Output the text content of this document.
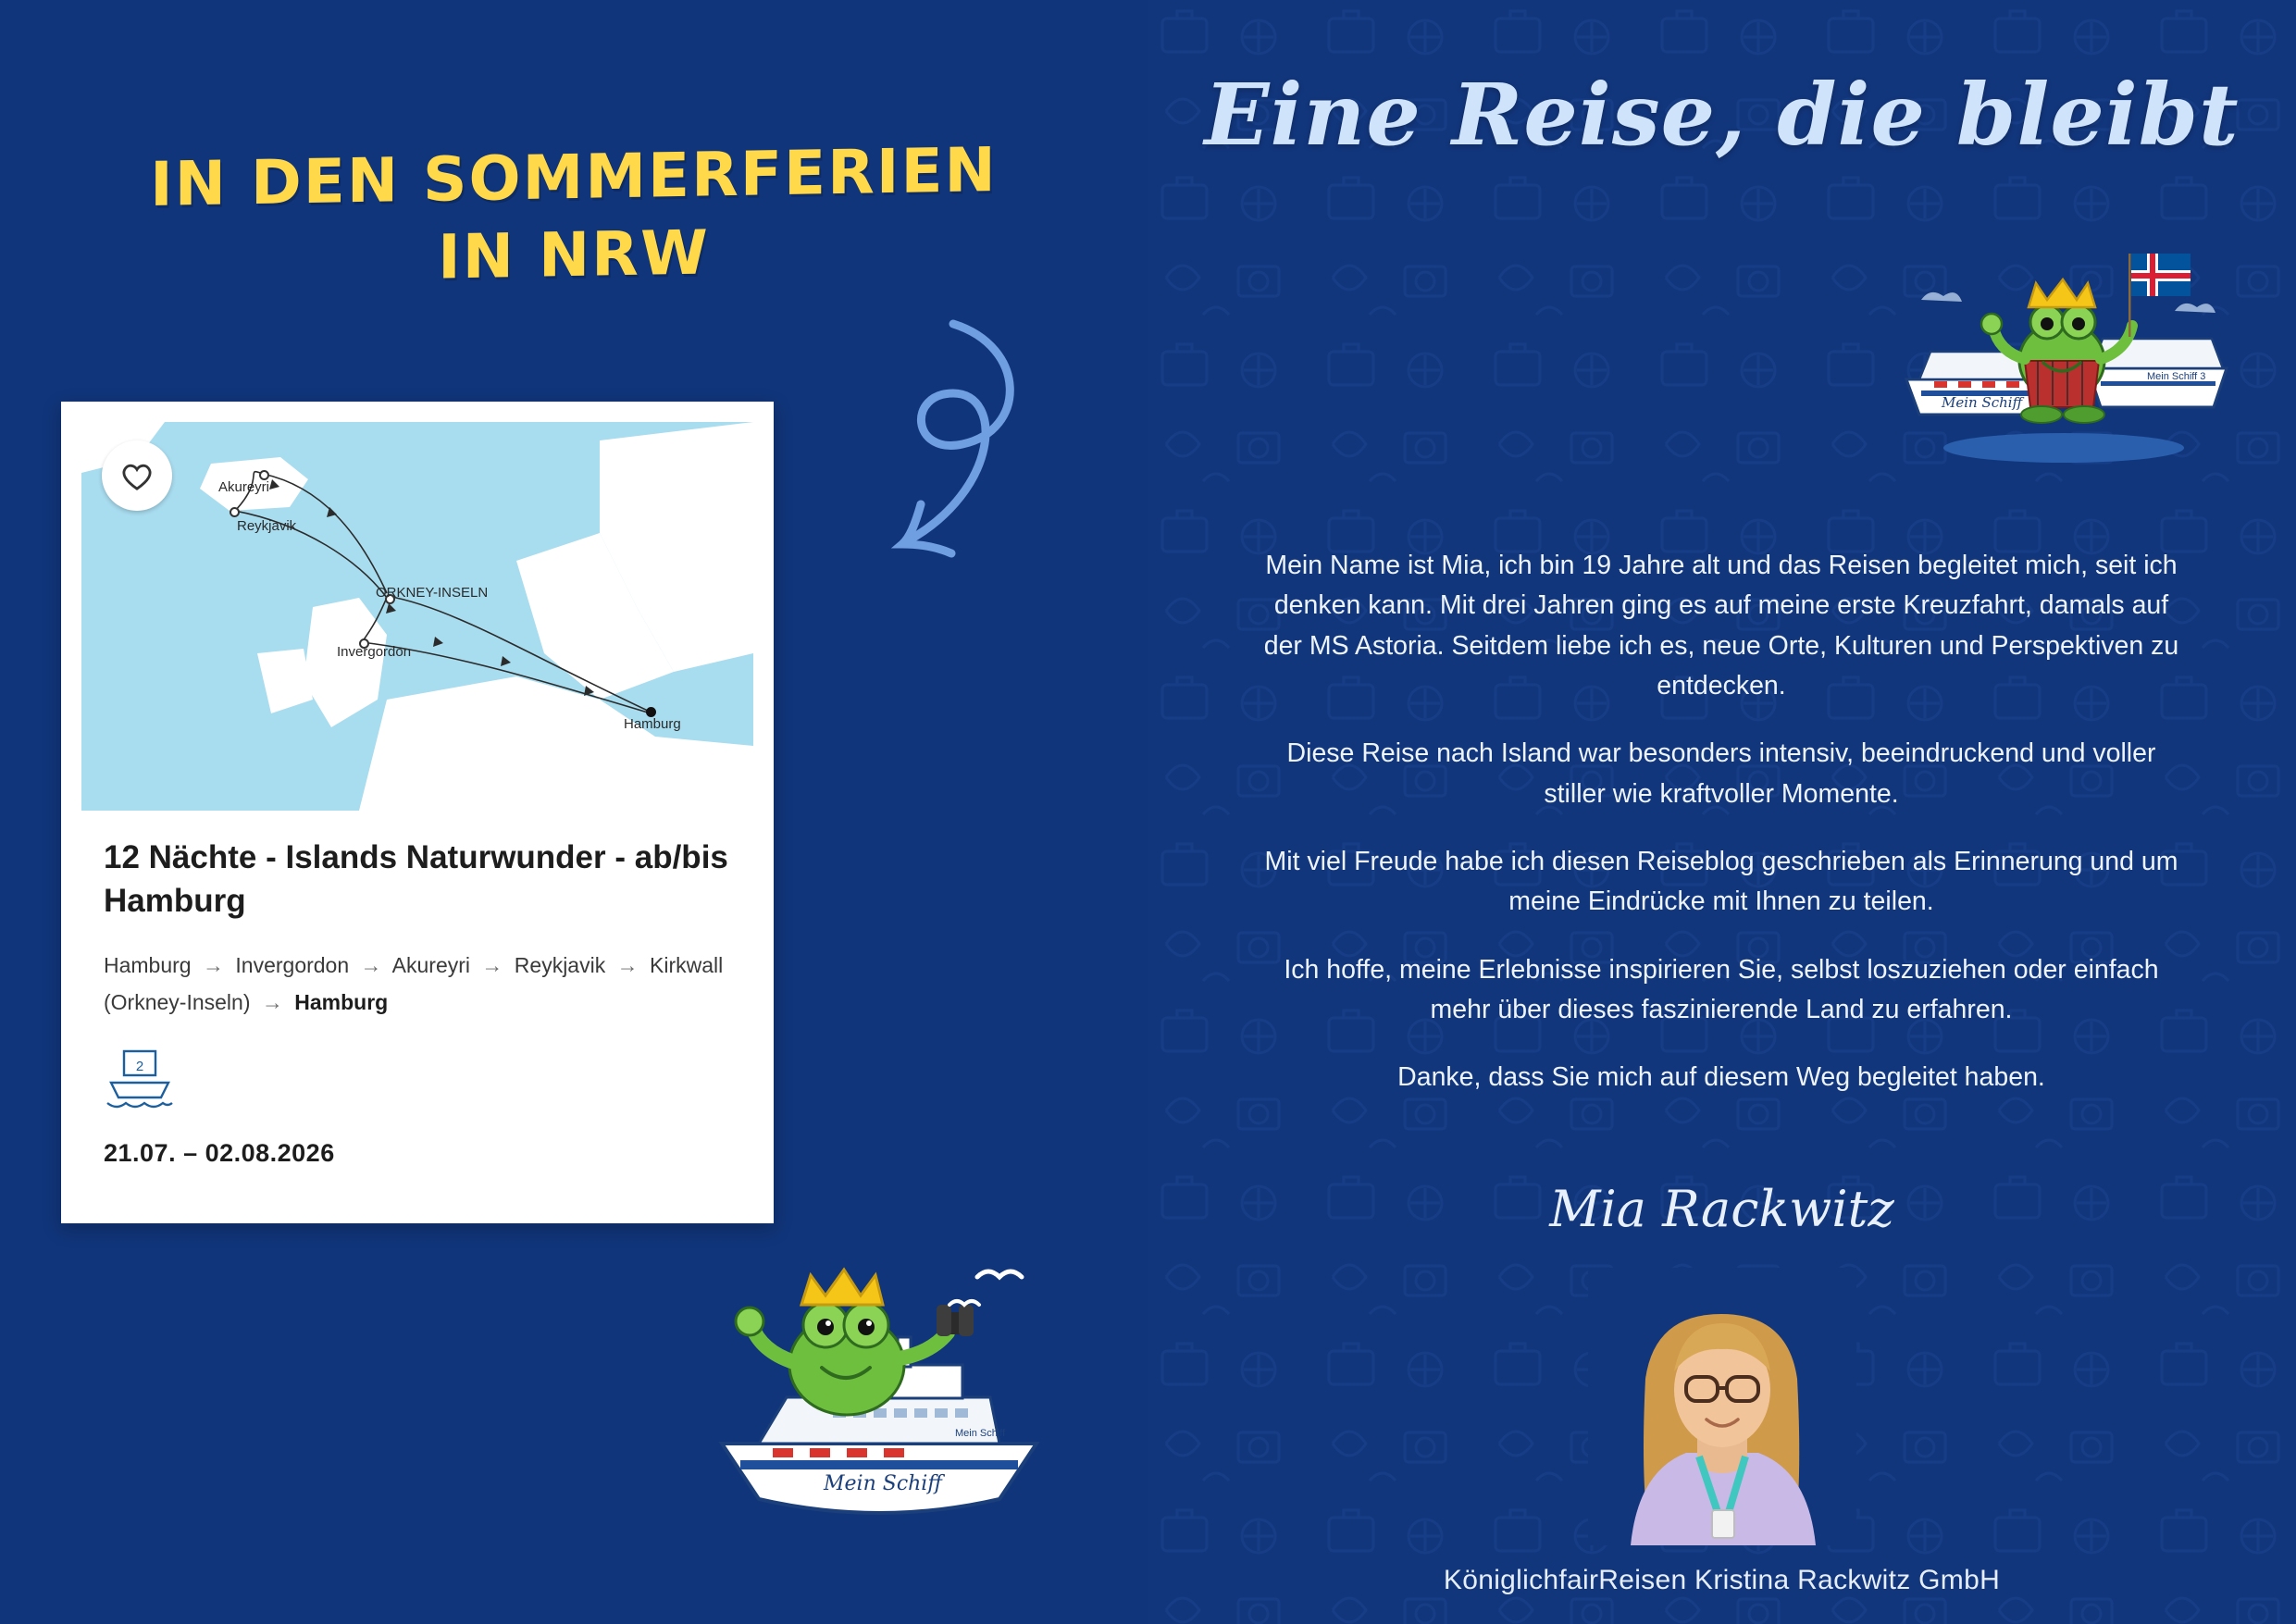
IN DEN SOMMERFERIEN
IN NRW
Akureyri
Reykjavik
ORKNEY-INSELN
Invergordon
Hamburg
12 Nächte - Islands Naturwunder - ab/bis Hamburg
Hamburg → Invergordon → Akureyri → Reykjavik → Kirkwall (Orkney-Inseln) → Hamburg
2
21.07. – 02.08.2026
Mein Schiff
Mein Schiff
Eine Reise, die bleibt
Mein Schiff
Mein Schiff 3

Mein Name ist Mia, ich bin 19 Jahre alt und das Reisen begleitet mich, seit ich denken kann. Mit drei Jahren ging es auf meine erste Kreuzfahrt, damals auf der MS Astoria. Seitdem liebe ich es, neue Orte, Kulturen und Perspektiven zu entdecken.

Diese Reise nach Island war besonders intensiv, beeindruckend und voller stiller wie kraftvoller Momente.

Mit viel Freude habe ich diesen Reiseblog geschrieben als Erinnerung und um meine Eindrücke mit Ihnen zu teilen.

Ich hoffe, meine Erlebnisse inspirieren Sie, selbst loszuziehen oder einfach mehr über dieses faszinierende Land zu erfahren.

Danke, dass Sie mich auf diesem Weg begleitet haben.

Mia Rackwitz
KöniglichfairReisen Kristina Rackwitz GmbH
